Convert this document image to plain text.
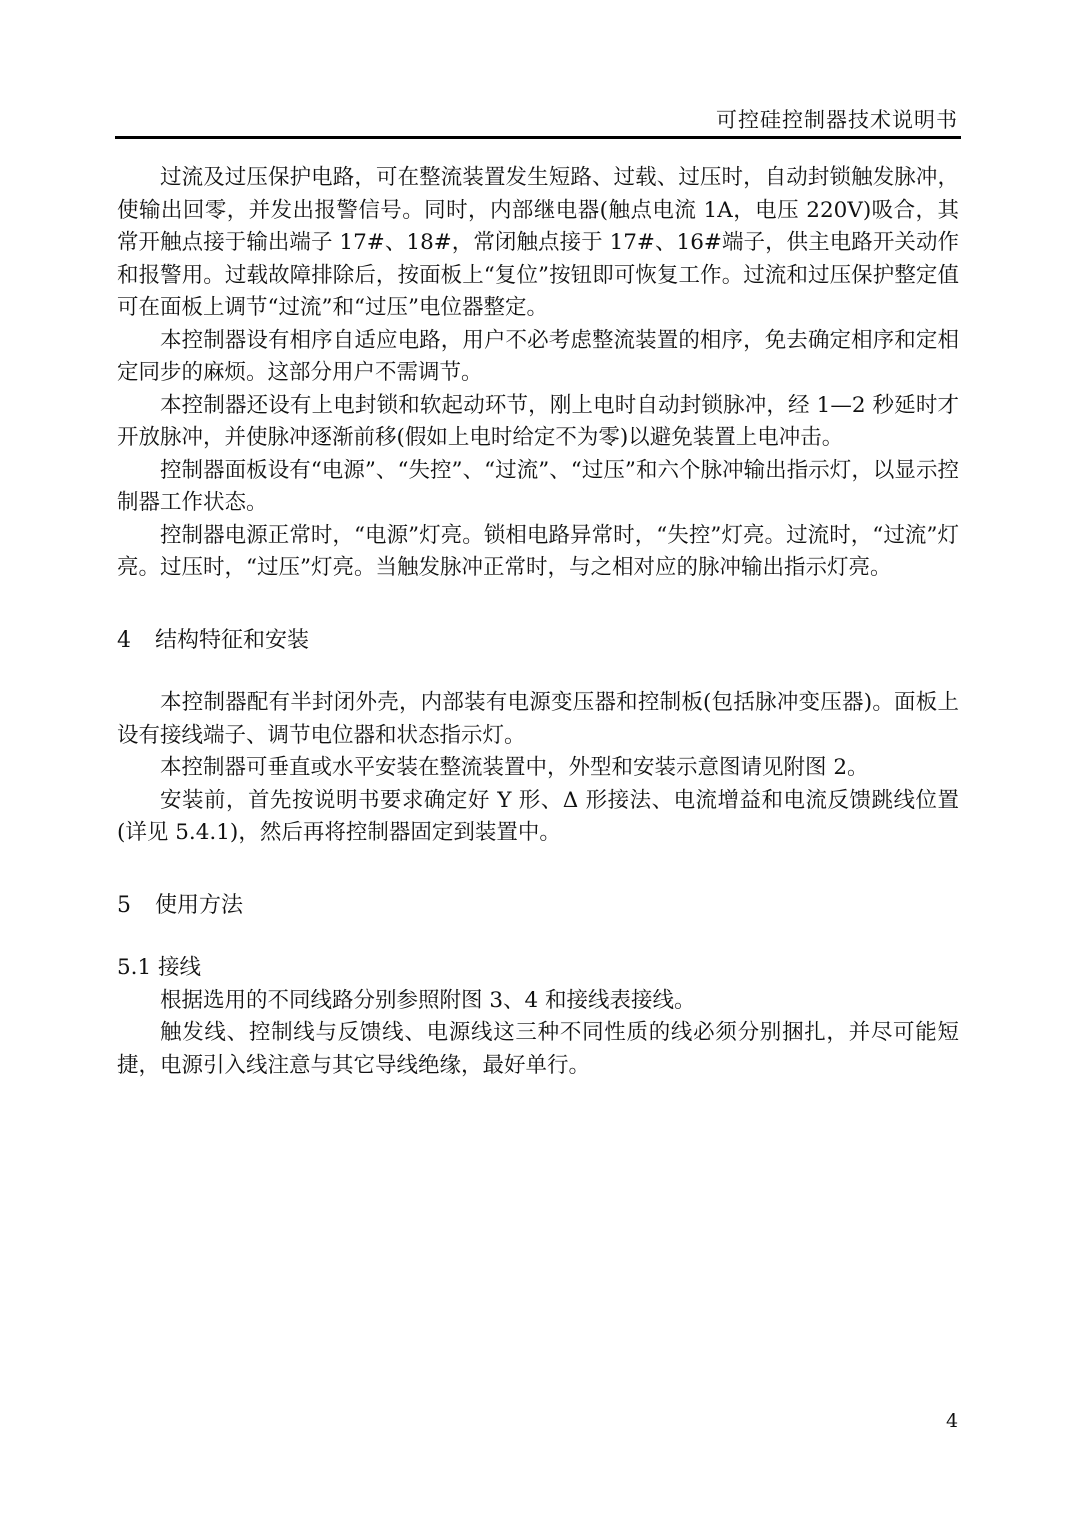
可控硅控制器技术说明书

过流及过压保护电路，可在整流装置发生短路、过载、过压时，自动封锁触发脉冲，使输出回零，并发出报警信号。同时，内部继电器(触点电流 1A，电压 220V)吸合，其常开触点接于输出端子 17#、18#，常闭触点接于 17#、16#端子，供主电路开关动作和报警用。过载故障排除后，按面板上“复位”按钮即可恢复工作。过流和过压保护整定值可在面板上调节“过流”和“过压”电位器整定。

本控制器设有相序自适应电路，用户不必考虑整流装置的相序，免去确定相序和定相定同步的麻烦。这部分用户不需调节。

本控制器还设有上电封锁和软起动环节，刚上电时自动封锁脉冲，经 1—2 秒延时才开放脉冲，并使脉冲逐渐前移(假如上电时给定不为零)以避免装置上电冲击。

控制器面板设有“电源”、“失控”、“过流”、“过压”和六个脉冲输出指示灯，以显示控制器工作状态。

控制器电源正常时，“电源”灯亮。锁相电路异常时，“失控”灯亮。过流时，“过流”灯亮。过压时，“过压”灯亮。当触发脉冲正常时，与之相对应的脉冲输出指示灯亮。

4 结构特征和安装

本控制器配有半封闭外壳，内部装有电源变压器和控制板(包括脉冲变压器)。面板上设有接线端子、调节电位器和状态指示灯。

本控制器可垂直或水平安装在整流装置中，外型和安装示意图请见附图 2。

安装前，首先按说明书要求确定好 Y 形、Δ 形接法、电流增益和电流反馈跳线位置(详见 5.4.1)，然后再将控制器固定到装置中。

5 使用方法

5.1 接线

根据选用的不同线路分别参照附图 3、4 和接线表接线。

触发线、控制线与反馈线、电源线这三种不同性质的线必须分别捆扎，并尽可能短捷，电源引入线注意与其它导线绝缘，最好单行。

4
